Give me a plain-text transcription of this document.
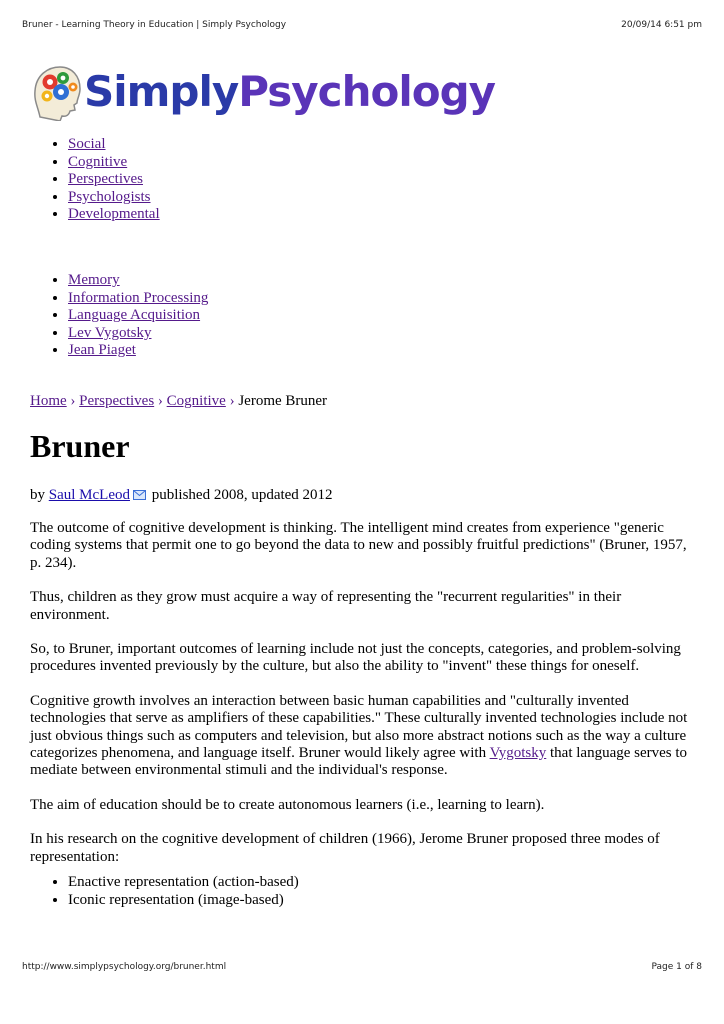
Bruner - Learning Theory in Education | Simply Psychology	20/09/14 6:51 pm
SimplyPsychology
• Social
• Cognitive
• Perspectives
• Psychologists
• Developmental
• Memory
• Information Processing
• Language Acquisition
• Lev Vygotsky
• Jean Piaget
Home › Perspectives › Cognitive › Jerome Bruner
Bruner
by Saul McLeod published 2008, updated 2012

The outcome of cognitive development is thinking. The intelligent mind creates from experience "generic coding systems that permit one to go beyond the data to new and possibly fruitful predictions" (Bruner, 1957, p. 234).

Thus, children as they grow must acquire a way of representing the "recurrent regularities" in their environment.

So, to Bruner, important outcomes of learning include not just the concepts, categories, and problem-solving procedures invented previously by the culture, but also the ability to "invent" these things for oneself.

Cognitive growth involves an interaction between basic human capabilities and "culturally invented technologies that serve as amplifiers of these capabilities." These culturally invented technologies include not just obvious things such as computers and television, but also more abstract notions such as the way a culture categorizes phenomena, and language itself. Bruner would likely agree with Vygotsky that language serves to mediate between environmental stimuli and the individual's response.

The aim of education should be to create autonomous learners (i.e., learning to learn).

In his research on the cognitive development of children (1966), Jerome Bruner proposed three modes of representation:

• Enactive representation (action-based)
• Iconic representation (image-based)
http://www.simplypsychology.org/bruner.html	Page 1 of 8
